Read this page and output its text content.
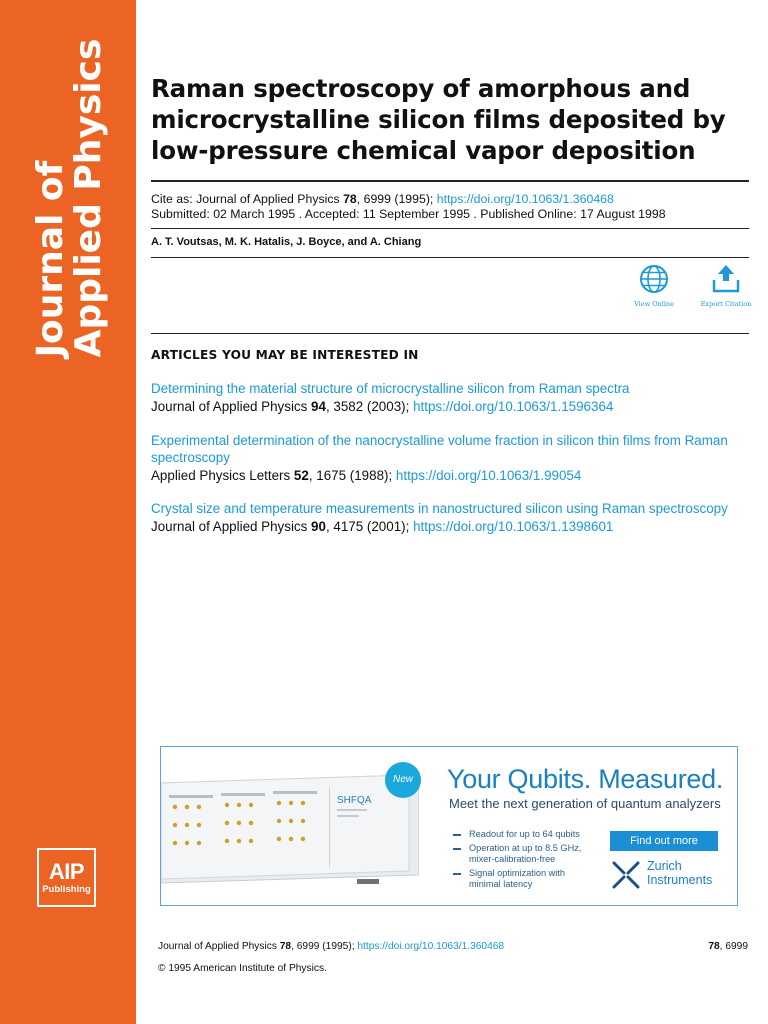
Journal of
Applied Physics
AIP
Publishing
Raman spectroscopy of amorphous and microcrystalline silicon films deposited by low-pressure chemical vapor deposition
Cite as: Journal of Applied Physics 78, 6999 (1995); https://doi.org/10.1063/1.360468
Submitted: 02 March 1995 . Accepted: 11 September 1995 . Published Online: 17 August 1998
A. T. Voutsas, M. K. Hatalis, J. Boyce, and A. Chiang
View Online	Export Citation
ARTICLES YOU MAY BE INTERESTED IN
Determining the material structure of microcrystalline silicon from Raman spectra
Journal of Applied Physics 94, 3582 (2003); https://doi.org/10.1063/1.1596364
Experimental determination of the nanocrystalline volume fraction in silicon thin films from Raman spectroscopy
Applied Physics Letters 52, 1675 (1988); https://doi.org/10.1063/1.99054
Crystal size and temperature measurements in nanostructured silicon using Raman spectroscopy
Journal of Applied Physics 90, 4175 (2001); https://doi.org/10.1063/1.1398601
SHFQA
New Your Qubits. Measured.
Meet the next generation of quantum analyzers
Readout for up to 64 qubits
Operation at up to 8.5 GHz, mixer-calibration-free
Signal optimization with minimal latency
Find out more
Zurich
Instruments
Journal of Applied Physics 78, 6999 (1995); https://doi.org/10.1063/1.360468	78, 6999
© 1995 American Institute of Physics.
